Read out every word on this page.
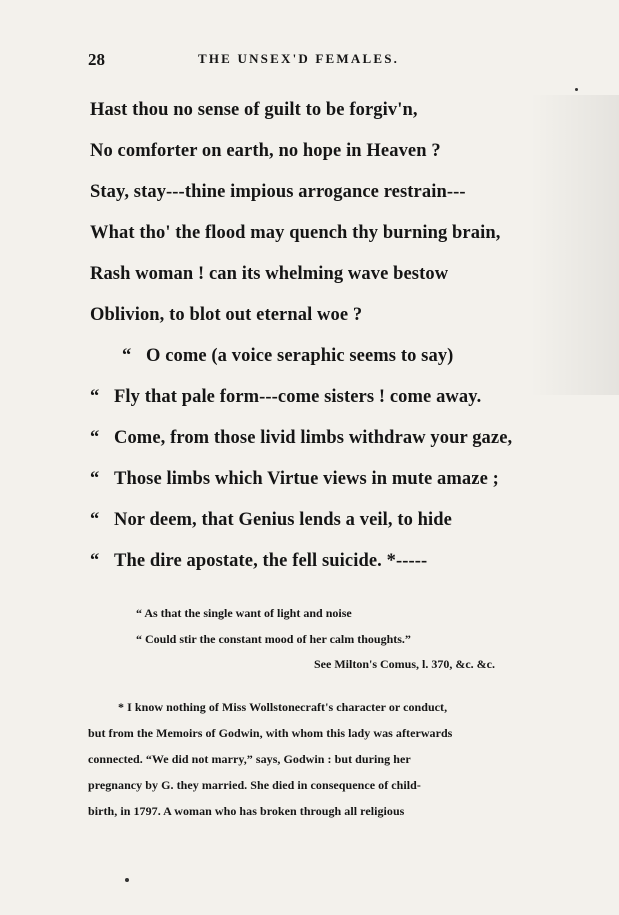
28	THE UNSEX'D FEMALES.
Hast thou no sense of guilt to be forgiv'n,
No comforter on earth, no hope in Heaven ?
Stay, stay---thine impious arrogance restrain---
What tho' the flood may quench thy burning brain,
Rash woman ! can its whelming wave bestow
Oblivion, to blot out eternal woe ?
“ O come (a voice seraphic seems to say)
“ Fly that pale form---come sisters ! come away.
“ Come, from those livid limbs withdraw your gaze,
“ Those limbs which Virtue views in mute amaze ;
“ Nor deem, that Genius lends a veil, to hide
“ The dire apostate, the fell suicide. *-----
“ As that the single want of light and noise
“ Could stir the constant mood of her calm thoughts.”
See Milton's Comus, l. 370, &c. &c.
* I know nothing of Miss Wollstonecraft's character or conduct,
but from the Memoirs of Godwin, with whom this lady was afterwards
connected. “We did not marry,” says, Godwin : but during her
pregnancy by G. they married. She died in consequence of child-
birth, in 1797. A woman who has broken through all religious
